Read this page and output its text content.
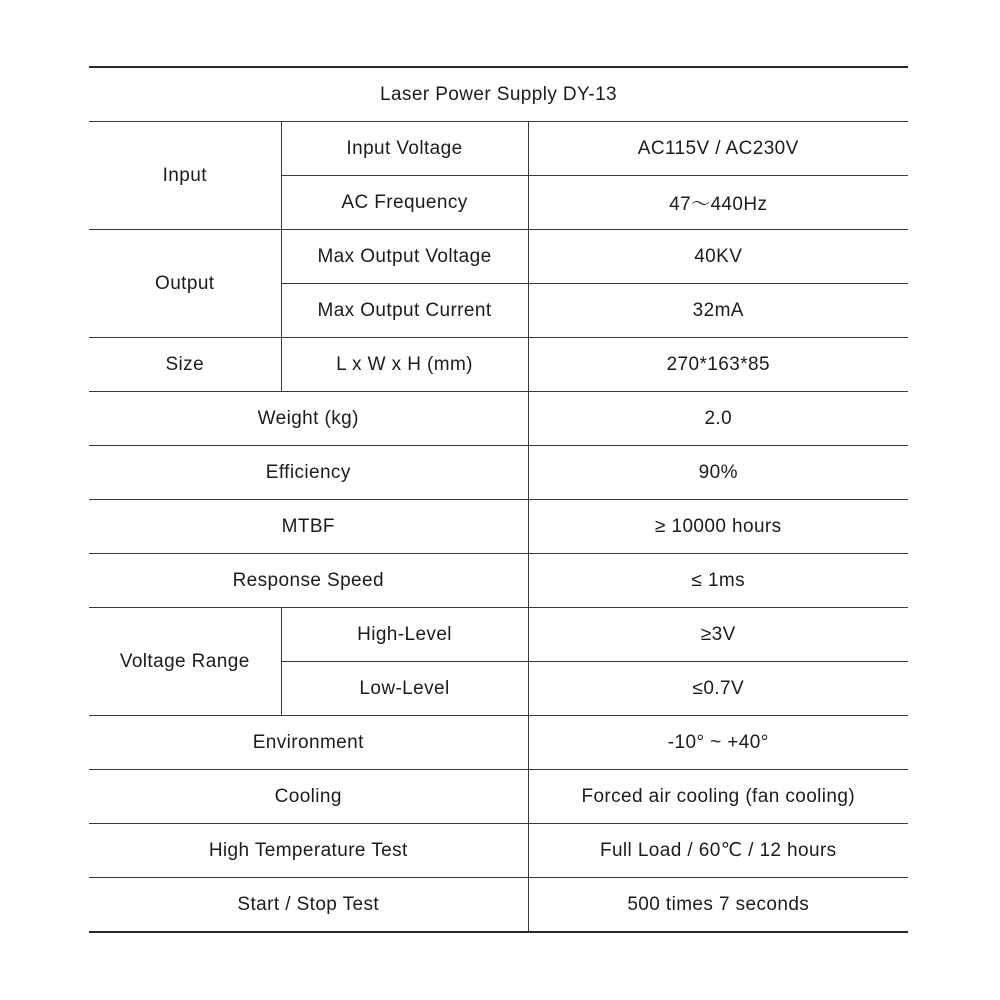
Laser Power Supply DY-13		
Input	Input Voltage	AC115V / AC230V
	AC Frequency	47～440Hz
Output	Max Output Voltage	40KV
	Max Output Current	32mA
Size	L x W x H (mm)	270*163*85
Weight (kg)		2.0
Efficiency		90%
MTBF		≥ 10000 hours
Response Speed		≤ 1ms
Voltage Range	High-Level	≥3V
	Low-Level	≤0.7V
Environment		-10° ~ +40°
Cooling		Forced air cooling (fan cooling)
High Temperature Test		Full Load / 60℃ / 12 hours
Start / Stop Test		500 times 7 seconds
